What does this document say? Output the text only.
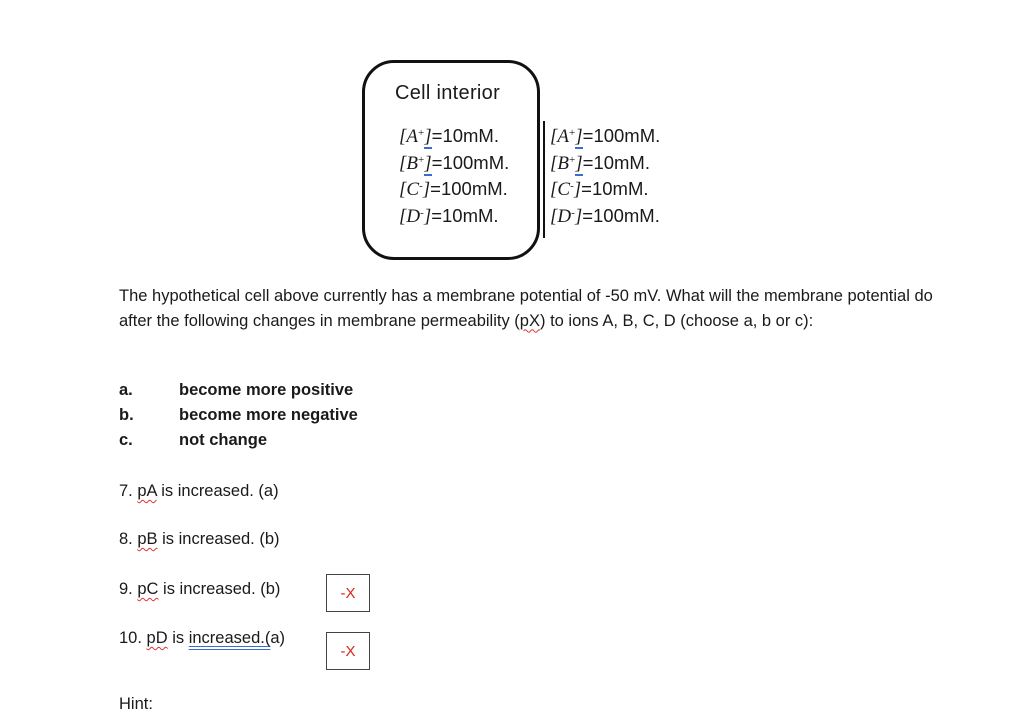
Cell interior
[A+]=10mM.
[B+]=100mM.
[C-]=100mM.
[D-]=10mM.
[A+]=100mM.
[B+]=10mM.
[C-]=10mM.
[D-]=100mM.
The hypothetical cell above currently has a membrane potential of -50 mV. What will the membrane potential do after the following changes in membrane permeability (pX) to ions A, B, C, D (choose a, b or c):
a.	become more positive
b.	become more negative
c.	not change
7. pA is increased. (a)
8. pB is increased. (b)
9. pC is increased. (b)
10. pD is increased.(a)
-X
-X
Hint:
